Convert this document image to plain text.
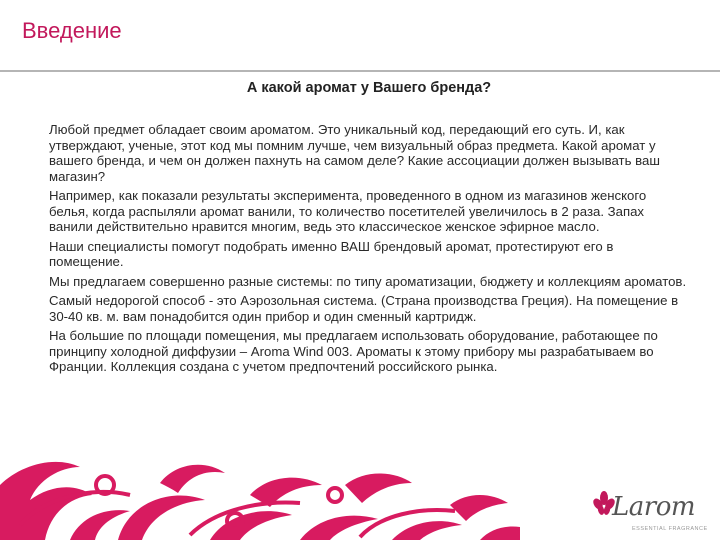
Введение
А какой аромат у Вашего бренда?

Любой предмет обладает своим ароматом. Это уникальный код, передающий его суть. И, как утверждают, ученые, этот код мы помним лучше, чем визуальный образ предмета. Какой аромат у вашего бренда, и чем он должен пахнуть на самом деле? Какие ассоциации должен вызывать ваш магазин?

Например, как показали результаты эксперимента, проведенного в одном из магазинов женского белья, когда распыляли аромат ванили, то количество посетителей увеличилось в 2 раза. Запах ванили действительно нравится многим, ведь это классическое женское эфирное масло.

Наши специалисты помогут подобрать именно ВАШ брендовый аромат, протестируют его в помещение.

Мы предлагаем совершенно разные системы: по типу ароматизации, бюджету и коллекциям ароматов.

Самый недорогой способ - это Аэрозольная система. (Страна производства Греция). На помещение в 30-40 кв. м. вам понадобится один прибор и один сменный картридж.

На большие по площади помещения, мы предлагаем использовать оборудование, работающее по принципу холодной диффузии – Aroma Wind 003. Ароматы к этому прибору мы разрабатываем во Франции. Коллекция создана с учетом предпочтений российского рынка.

Larom
ESSENTIAL FRAGRANCE
